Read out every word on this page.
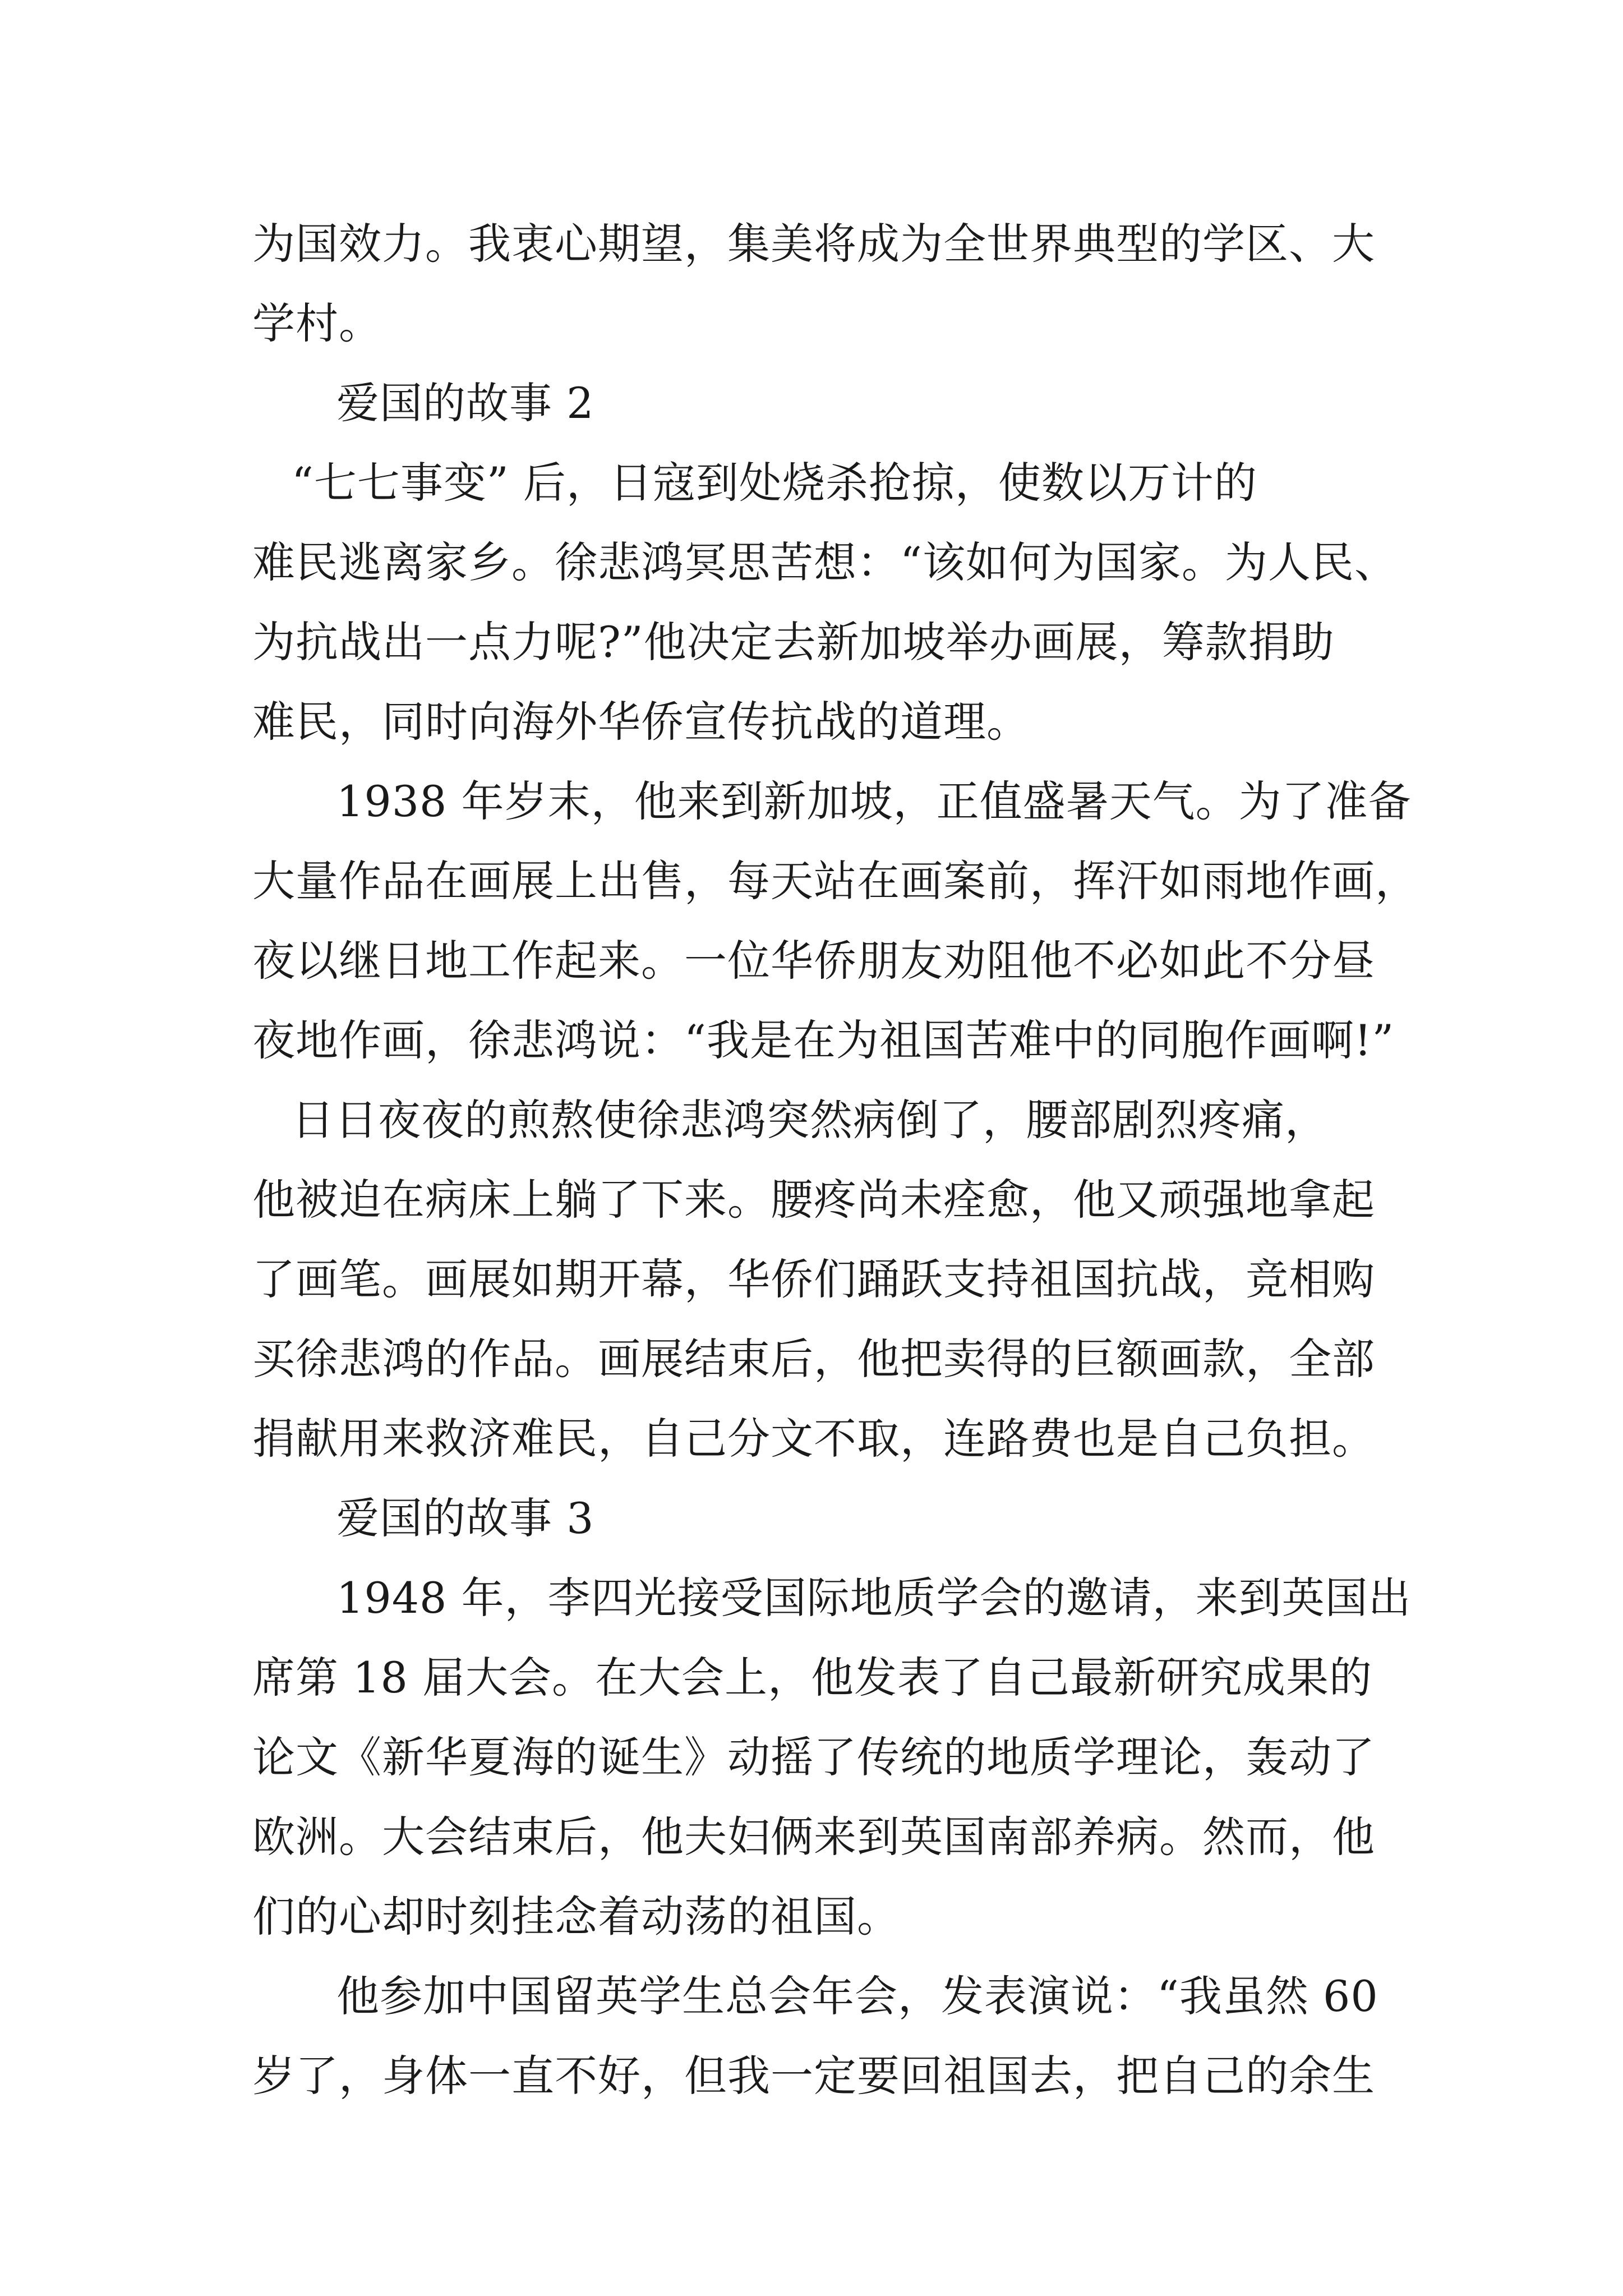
为国效力。我衷心期望，集美将成为全世界典型的学区、大
学村。
爱国的故事 2
“七七事变” 后，日寇到处烧杀抢掠，使数以万计的
难民逃离家乡。徐悲鸿冥思苦想：“该如何为国家。为人民、
为抗战出一点力呢?”他决定去新加坡举办画展，筹款捐助
难民，同时向海外华侨宣传抗战的道理。
1938 年岁末，他来到新加坡，正值盛暑天气。为了准备
大量作品在画展上出售，每天站在画案前，挥汗如雨地作画，
夜以继日地工作起来。一位华侨朋友劝阻他不必如此不分昼
夜地作画，徐悲鸿说：“我是在为祖国苦难中的同胞作画啊!”
日日夜夜的煎熬使徐悲鸿突然病倒了，腰部剧烈疼痛，
他被迫在病床上躺了下来。腰疼尚未痊愈，他又顽强地拿起
了画笔。画展如期开幕，华侨们踊跃支持祖国抗战，竞相购
买徐悲鸿的作品。画展结束后，他把卖得的巨额画款，全部
捐献用来救济难民，自己分文不取，连路费也是自己负担。
爱国的故事 3
1948 年，李四光接受国际地质学会的邀请，来到英国出
席第 18 届大会。在大会上，他发表了自己最新研究成果的
论文《新华夏海的诞生》动摇了传统的地质学理论，轰动了
欧洲。大会结束后，他夫妇俩来到英国南部养病。然而，他
们的心却时刻挂念着动荡的祖国。
他参加中国留英学生总会年会，发表演说：“我虽然 60
岁了，身体一直不好，但我一定要回祖国去，把自己的余生
